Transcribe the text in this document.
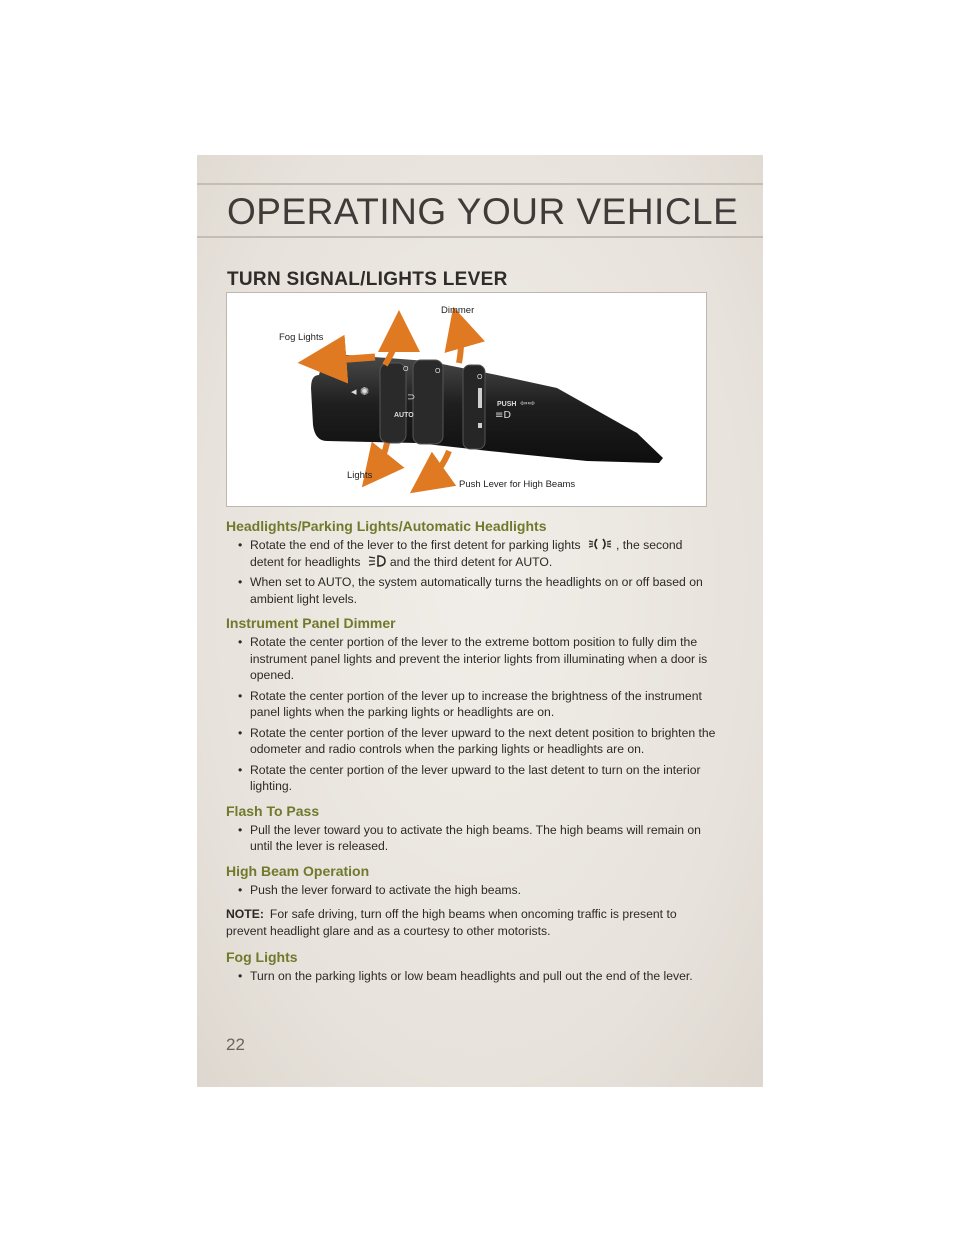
OPERATING YOUR VEHICLE
TURN SIGNAL/LIGHTS LEVER
AUTO
PUSH
O	O
O
◂ ✺	⊃
≡D
⇦⇨
Dimmer
Fog Lights
Lights
Push Lever for High Beams
Headlights/Parking Lights/Automatic Headlights
• Rotate the end of the lever to the first detent for parking lights	, the second detent for headlights and the third detent for AUTO.
• When set to AUTO, the system automatically turns the headlights on or off based on ambient light levels.
Instrument Panel Dimmer
• Rotate the center portion of the lever to the extreme bottom position to fully dim the instrument panel lights and prevent the interior lights from illuminating when a door is opened.
• Rotate the center portion of the lever up to increase the brightness of the instrument panel lights when the parking lights or headlights are on.
• Rotate the center portion of the lever upward to the next detent position to brighten the odometer and radio controls when the parking lights or headlights are on.
• Rotate the center portion of the lever upward to the last detent to turn on the interior lighting.
Flash To Pass
• Pull the lever toward you to activate the high beams. The high beams will remain on until the lever is released.
High Beam Operation
• Push the lever forward to activate the high beams.

NOTE: For safe driving, turn off the high beams when oncoming traffic is present to prevent headlight glare and as a courtesy to other motorists.

Fog Lights
• Turn on the parking lights or low beam headlights and pull out the end of the lever.
22
